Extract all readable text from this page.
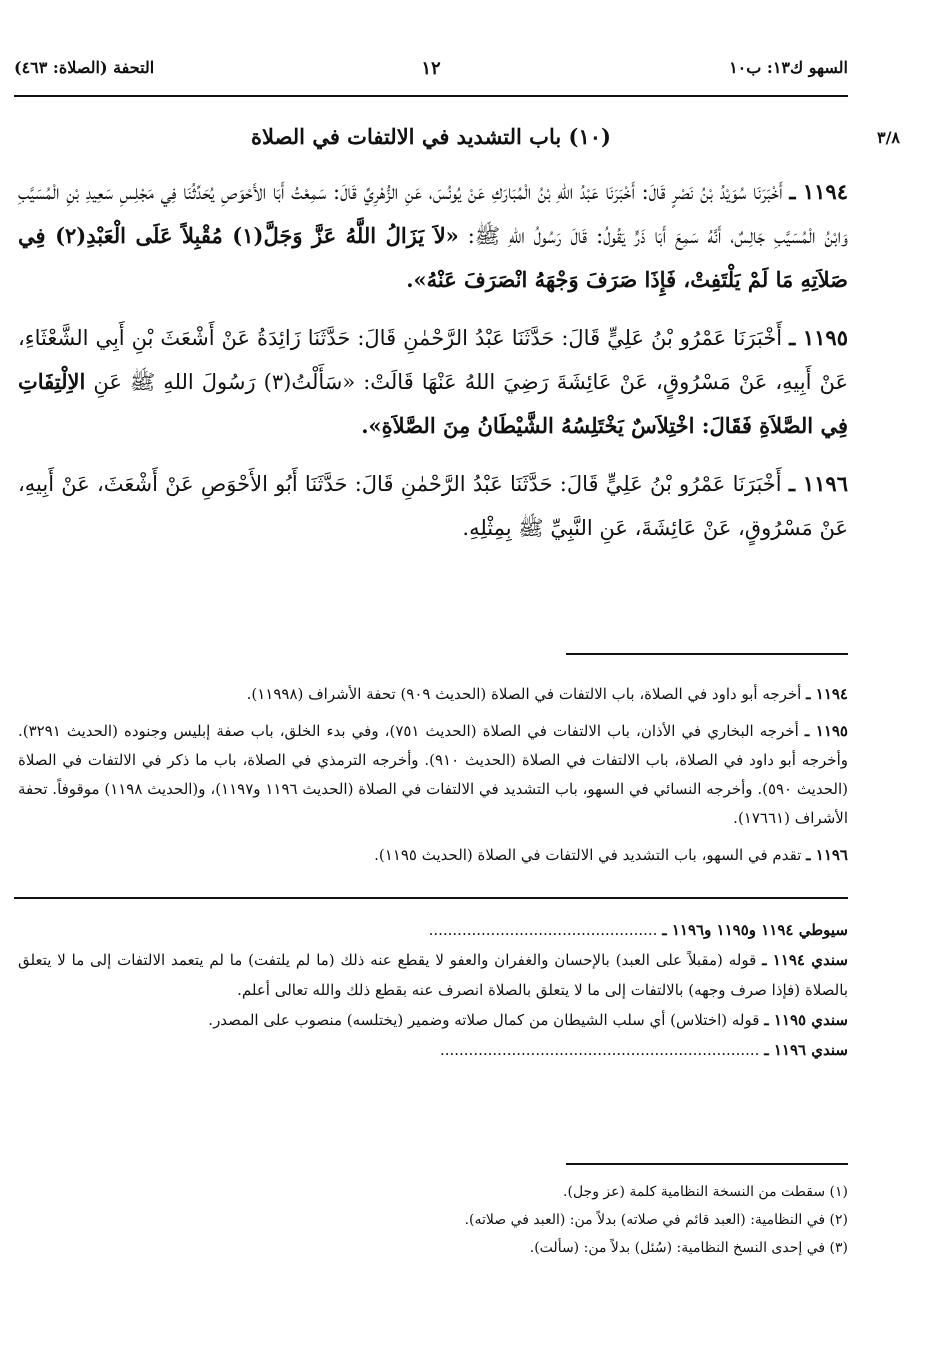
السهو ك١٣: ب١٠
١٢
التحفة (الصلاة: ٤٦٣)
٣/٨
(١٠) باب التشديد في الالتفات في الصلاة

١١٩٤ ـ أَخْبَرَنَا سُوَيْدُ بْنُ نَصْرٍ قَالَ: أَخْبَرَنَا عَبْدُ اللهِ بْنُ الْمُبَارَكِ عَنْ يُونُسَ، عَنِ الزُّهْرِيِّ قَالَ: سَمِعْتُ أَبَا الأَحْوَصِ يُحَدِّثُنَا فِي مَجْلِسِ سَعِيدِ بْنِ الْمُسَيَّبِ وَابْنُ الْمُسَيَّبِ جَالِسٌ، أَنَّهُ سَمِعَ أَبَا ذَرٍّ يَقُولُ: قَالَ رَسُولُ اللهِ ﷺ: «لاَ يَزَالُ اللَّهُ عَزَّ وَجَلَّ(١) مُقْبِلاً عَلَى الْعَبْدِ(٢) فِي صَلاَتِهِ مَا لَمْ يَلْتَفِتْ، فَإِذَا صَرَفَ وَجْهَهُ انْصَرَفَ عَنْهُ».

١١٩٥ ـ أَخْبَرَنَا عَمْرُو بْنُ عَلِيٍّ قَالَ: حَدَّثَنَا عَبْدُ الرَّحْمٰنِ قَالَ: حَدَّثَنَا زَائِدَةُ عَنْ أَشْعَثَ بْنِ أَبِي الشَّعْثَاءِ، عَنْ أَبِيهِ، عَنْ مَسْرُوقٍ، عَنْ عَائِشَةَ رَضِيَ اللهُ عَنْهَا قَالَتْ: «سَأَلْتُ(٣) رَسُولَ اللهِ ﷺ عَنِ الاِلْتِفَاتِ فِي الصَّلاَةِ فَقَالَ: اخْتِلاَسٌ يَخْتَلِسُهُ الشَّيْطَانُ مِنَ الصَّلاَةِ».

١١٩٦ ـ أَخْبَرَنَا عَمْرُو بْنُ عَلِيٍّ قَالَ: حَدَّثَنَا عَبْدُ الرَّحْمٰنِ قَالَ: حَدَّثَنَا أَبُو الأَحْوَصِ عَنْ أَشْعَثَ، عَنْ أَبِيهِ، عَنْ مَسْرُوقٍ، عَنْ عَائِشَةَ، عَنِ النَّبِيِّ ﷺ بِمِثْلِهِ.

١١٩٤ ـ أخرجه أبو داود في الصلاة، باب الالتفات في الصلاة (الحديث ٩٠٩) تحفة الأشراف (١١٩٩٨).

١١٩٥ ـ أخرجه البخاري في الأذان، باب الالتفات في الصلاة (الحديث ٧٥١)، وفي بدء الخلق، باب صفة إبليس وجنوده (الحديث ٣٢٩١). وأخرجه أبو داود في الصلاة، باب الالتفات في الصلاة (الحديث ٩١٠). وأخرجه الترمذي في الصلاة، باب ما ذكر في الالتفات في الصلاة (الحديث ٥٩٠). وأخرجه النسائي في السهو، باب التشديد في الالتفات في الصلاة (الحديث ١١٩٦ و١١٩٧)، و(الحديث ١١٩٨) موقوفاً. تحفة الأشراف (١٧٦٦١).

١١٩٦ ـ تقدم في السهو، باب التشديد في الالتفات في الصلاة (الحديث ١١٩٥).

سيوطي ١١٩٤ و١١٩٥ و١١٩٦ ـ ................................................

سندي ١١٩٤ ـ قوله (مقبلاً على العبد) بالإحسان والغفران والعفو لا يقطع عنه ذلك (ما لم يلتفت) ما لم يتعمد الالتفات إلى ما لا يتعلق بالصلاة (فإذا صرف وجهه) بالالتفات إلى ما لا يتعلق بالصلاة انصرف عنه بقطع ذلك والله تعالى أعلم.

سندي ١١٩٥ ـ قوله (اختلاس) أي سلب الشيطان من كمال صلاته وضمير (يختلسه) منصوب على المصدر.

سندي ١١٩٦ ـ ...................................................................

(١) سقطت من النسخة النظامية كلمة (عز وجل).

(٢) في النظامية: (العبد قائم في صلاته) بدلاً من: (العبد في صلاته).

(٣) في إحدى النسخ النظامية: (سُئل) بدلاً من: (سألت).
